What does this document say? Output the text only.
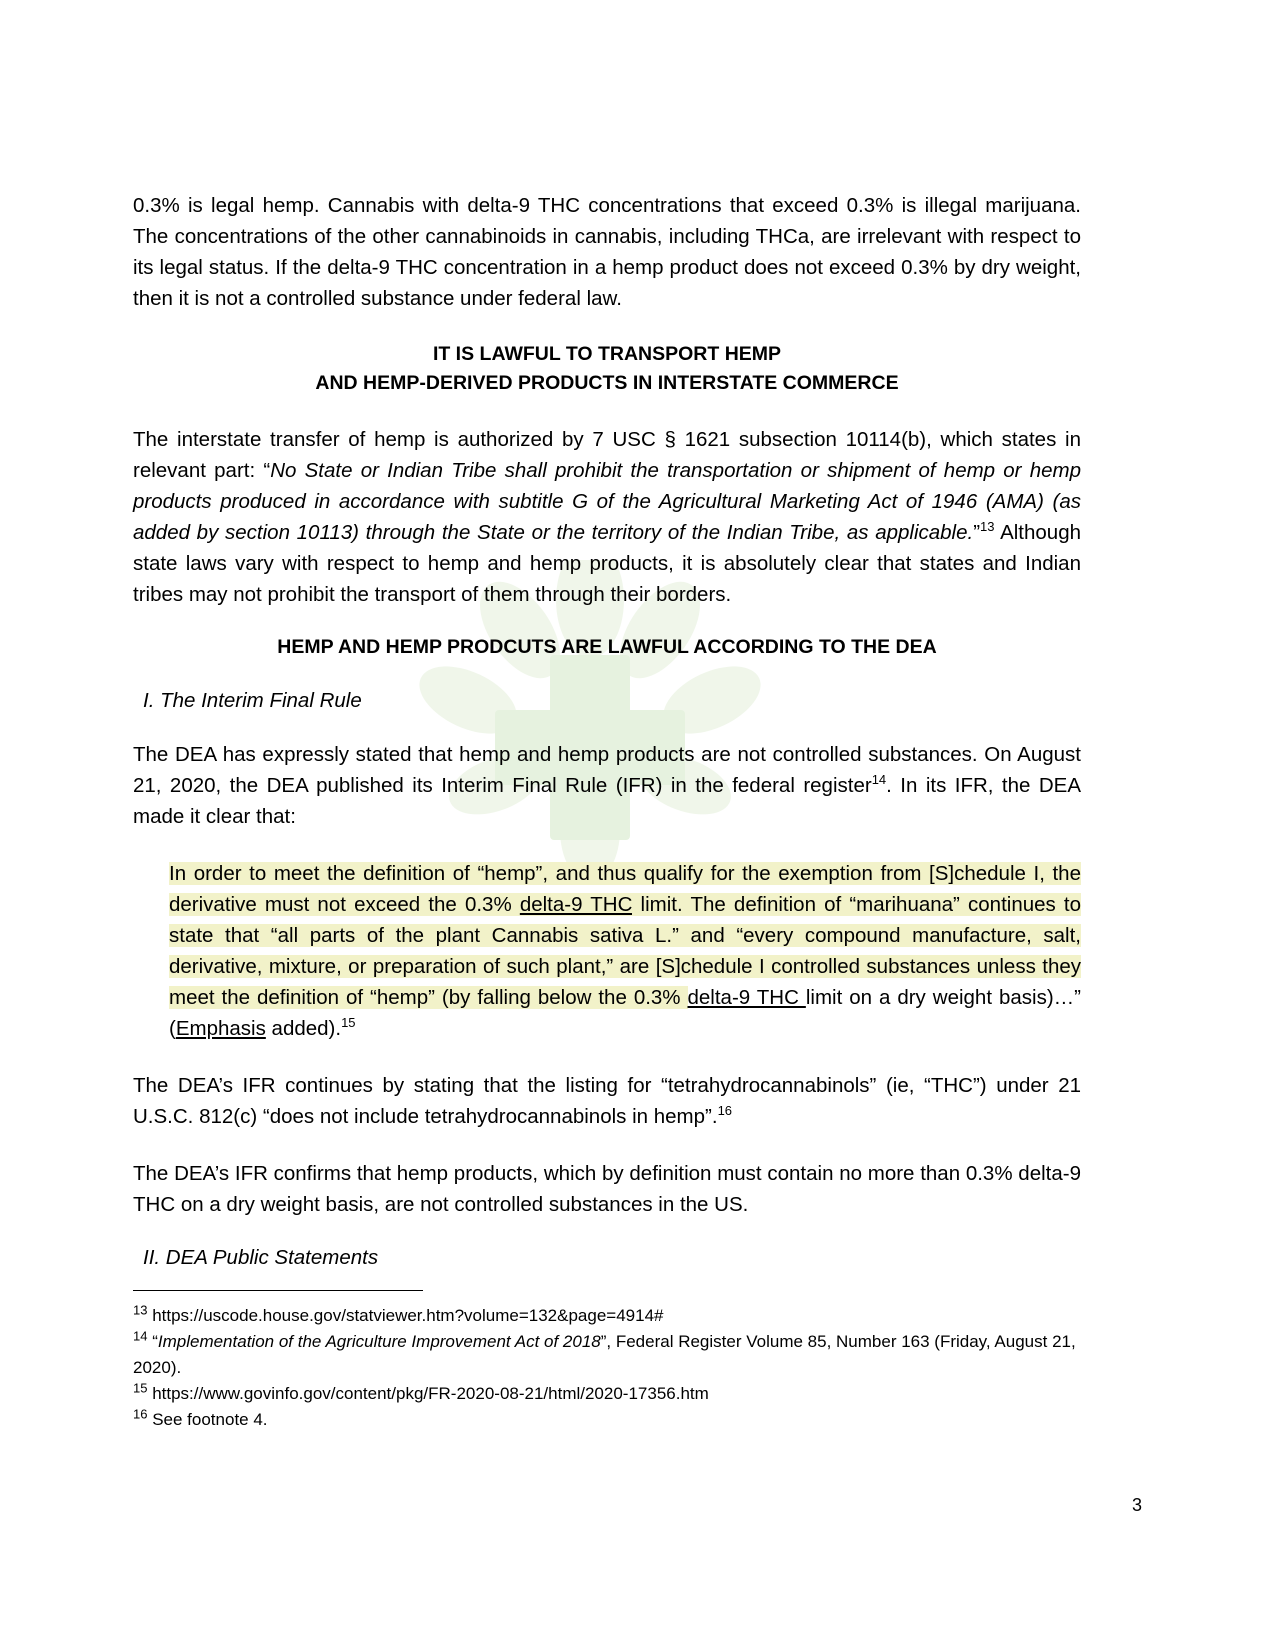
0.3% is legal hemp. Cannabis with delta-9 THC concentrations that exceed 0.3% is illegal marijuana. The concentrations of the other cannabinoids in cannabis, including THCa, are irrelevant with respect to its legal status. If the delta-9 THC concentration in a hemp product does not exceed 0.3% by dry weight, then it is not a controlled substance under federal law.

IT IS LAWFUL TO TRANSPORT HEMP

AND HEMP-DERIVED PRODUCTS IN INTERSTATE COMMERCE

The interstate transfer of hemp is authorized by 7 USC § 1621 subsection 10114(b), which states in relevant part: “No State or Indian Tribe shall prohibit the transportation or shipment of hemp or hemp products produced in accordance with subtitle G of the Agricultural Marketing Act of 1946 (AMA) (as added by section 10113) through the State or the territory of the Indian Tribe, as applicable.”$^{13}$ Although state laws vary with respect to hemp and hemp products, it is absolutely clear that states and Indian tribes may not prohibit the transport of them through their borders.

HEMP AND HEMP PRODCUTS ARE LAWFUL ACCORDING TO THE DEA
I. The Interim Final Rule

The DEA has expressly stated that hemp and hemp products are not controlled substances. On August 21, 2020, the DEA published its Interim Final Rule (IFR) in the federal register$^{14}$. In its IFR, the DEA made it clear that:

In order to meet the definition of “hemp”, and thus qualify for the exemption from [S]chedule I, the derivative must not exceed the 0.3% delta-9 THC limit. The definition of “marihuana” continues to state that “all parts of the plant Cannabis sativa L.” and “every compound manufacture, salt, derivative, mixture, or preparation of such plant,” are [S]chedule I controlled substances unless they meet the definition of “hemp” (by falling below the 0.3% delta-9 THC limit on a dry weight basis)…” (Emphasis added).$^{15}$

The DEA’s IFR continues by stating that the listing for “tetrahydrocannabinols” (ie, “THC”) under 21 U.S.C. 812(c) “does not include tetrahydrocannabinols in hemp”.$^{16}$

The DEA’s IFR confirms that hemp products, which by definition must contain no more than 0.3% delta-9 THC on a dry weight basis, are not controlled substances in the US.

II. DEA Public Statements

$^{13}$ https://uscode.house.gov/statviewer.htm?volume=132&page=4914#

$^{14}$ “Implementation of the Agriculture Improvement Act of 2018”, Federal Register Volume 85, Number 163 (Friday, August 21, 2020).

$^{15}$ https://www.govinfo.gov/content/pkg/FR-2020-08-21/html/2020-17356.htm

$^{16}$ See footnote 4.

3
